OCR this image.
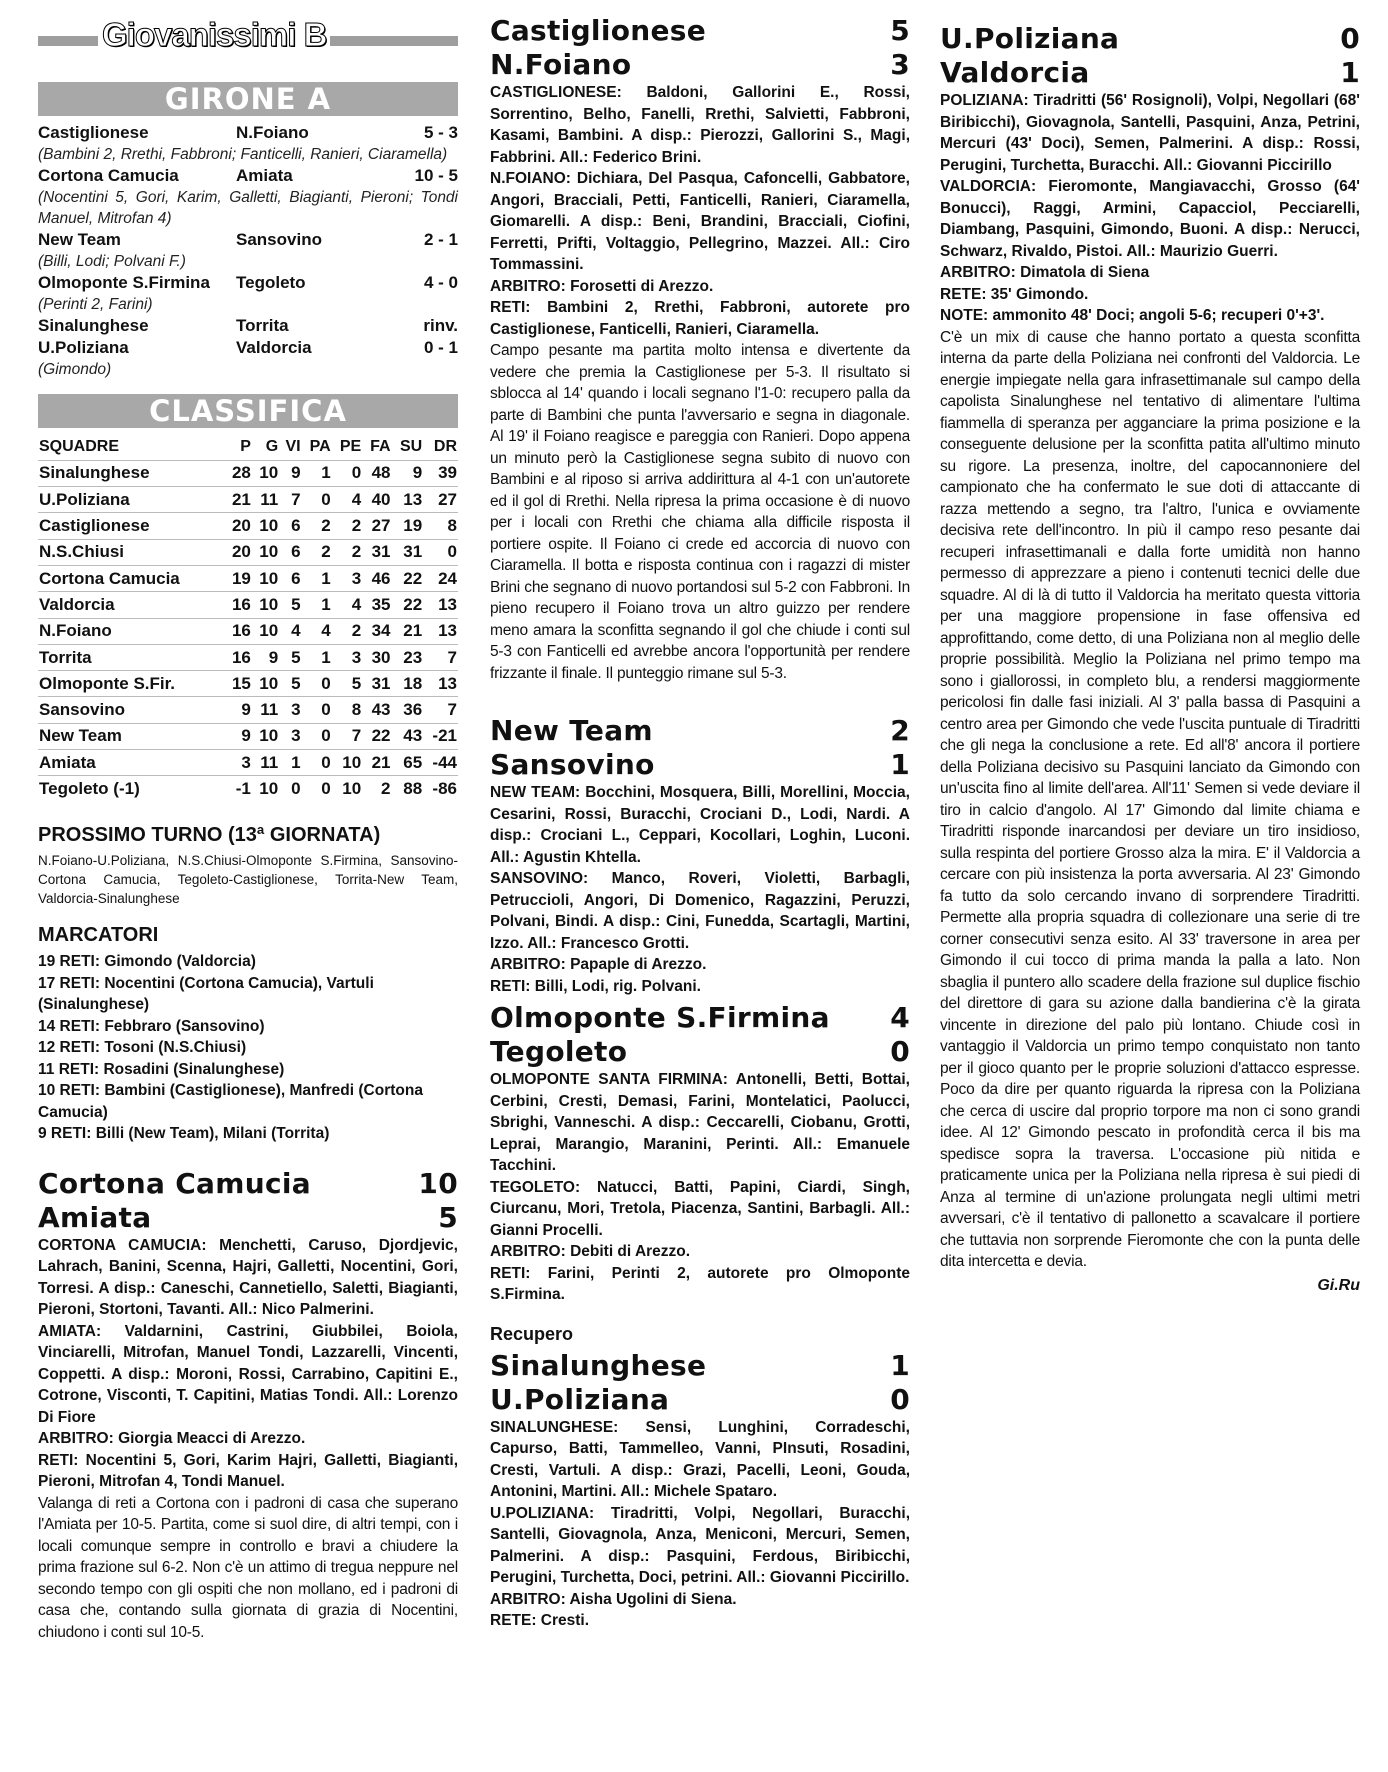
Giovanissimi B
GIRONE A
Castiglionese	N.Foiano	5 - 3
(Bambini 2, Rrethi, Fabbroni; Fanticelli, Ranieri, Ciaramella)
Cortona Camucia	Amiata	10 - 5
(Nocentini 5, Gori, Karim, Galletti, Biagianti, Pieroni; Tondi Manuel, Mitrofan 4)
New Team	Sansovino	2 - 1
(Billi, Lodi; Polvani F.)
Olmoponte S.Firmina	Tegoleto	4 - 0
(Perinti 2, Farini)
Sinalunghese	Torrita	rinv.
U.Poliziana	Valdorcia	0 - 1
(Gimondo)
CLASSIFICA
SQUADRE	P	G	VI	PA	PE	FA	SU	DR
Sinalunghese	28	10	9	1	0	48	9	39
U.Poliziana	21	11	7	0	4	40	13	27
Castiglionese	20	10	6	2	2	27	19	8
N.S.Chiusi	20	10	6	2	2	31	31	0
Cortona Camucia	19	10	6	1	3	46	22	24
Valdorcia	16	10	5	1	4	35	22	13
N.Foiano	16	10	4	4	2	34	21	13
Torrita	16	9	5	1	3	30	23	7
Olmoponte S.Fir.	15	10	5	0	5	31	18	13
Sansovino	9	11	3	0	8	43	36	7
New Team	9	10	3	0	7	22	43	-21
Amiata	3	11	1	0	10	21	65	-44
Tegoleto (-1)	-1	10	0	0	10	2	88	-86
PROSSIMO TURNO (13ª GIORNATA)
N.Foiano-U.Poliziana, N.S.Chiusi-Olmoponte S.Firmina, Sansovino-Cortona Camucia, Tegoleto-Castiglionese, Torrita-New Team, Valdorcia-Sinalunghese
MARCATORI
19 RETI: Gimondo (Valdorcia)
17 RETI: Nocentini (Cortona Camucia), Vartuli (Sinalunghese)
14 RETI: Febbraro (Sansovino)
12 RETI: Tosoni (N.S.Chiusi)
11 RETI: Rosadini (Sinalunghese)
10 RETI: Bambini (Castiglionese), Manfredi (Cortona Camucia)
9 RETI: Billi (New Team), Milani (Torrita)
Cortona Camucia	10
Amiata	5
CORTONA CAMUCIA: Menchetti, Caruso, Djordjevic, Lahrach, Banini, Scenna, Hajri, Galletti, Nocentini, Gori, Torresi. A disp.: Caneschi, Cannetiello, Saletti, Biagianti, Pieroni, Stortoni, Tavanti. All.: Nico Palmerini.
AMIATA: Valdarnini, Castrini, Giubbilei, Boiola, Vinciarelli, Mitrofan, Manuel Tondi, Lazzarelli, Vincenti, Coppetti. A disp.: Moroni, Rossi, Carrabino, Capitini E., Cotrone, Visconti, T. Capitini, Matias Tondi. All.: Lorenzo Di Fiore
ARBITRO: Giorgia Meacci di Arezzo.
RETI: Nocentini 5, Gori, Karim Hajri, Galletti, Biagianti, Pieroni, Mitrofan 4, Tondi Manuel.
Valanga di reti a Cortona con i padroni di casa che superano l'Amiata per 10-5. Partita, come si suol dire, di altri tempi, con i locali comunque sempre in controllo e bravi a chiudere la prima frazione sul 6-2. Non c'è un attimo di tregua neppure nel secondo tempo con gli ospiti che non mollano, ed i padroni di casa che, contando sulla giornata di grazia di Nocentini, chiudono i conti sul 10-5.
Castiglionese	5
N.Foiano	3
CASTIGLIONESE: Baldoni, Gallorini E., Rossi, Sorrentino, Belho, Fanelli, Rrethi, Salvietti, Fabbroni, Kasami, Bambini. A disp.: Pierozzi, Gallorini S., Magi, Fabbrini. All.: Federico Brini.
N.FOIANO: Dichiara, Del Pasqua, Cafoncelli, Gabbatore, Angori, Bracciali, Petti, Fanticelli, Ranieri, Ciaramella, Giomarelli. A disp.: Beni, Brandini, Bracciali, Ciofini, Ferretti, Prifti, Voltaggio, Pellegrino, Mazzei. All.: Ciro Tommassini.
ARBITRO: Forosetti di Arezzo.
RETI: Bambini 2, Rrethi, Fabbroni, autorete pro Castiglionese, Fanticelli, Ranieri, Ciaramella.
Campo pesante ma partita molto intensa e divertente da vedere che premia la Castiglionese per 5-3. Il risultato si sblocca al 14' quando i locali segnano l'1-0: recupero palla da parte di Bambini che punta l'avversario e segna in diagonale. Al 19' il Foiano reagisce e pareggia con Ranieri. Dopo appena un minuto però la Castiglionese segna subito di nuovo con Bambini e al riposo si arriva addirittura al 4-1 con un'autorete ed il gol di Rrethi. Nella ripresa la prima occasione è di nuovo per i locali con Rrethi che chiama alla difficile risposta il portiere ospite. Il Foiano ci crede ed accorcia di nuovo con Ciaramella. Il botta e risposta continua con i ragazzi di mister Brini che segnano di nuovo portandosi sul 5-2 con Fabbroni. In pieno recupero il Foiano trova un altro guizzo per rendere meno amara la sconfitta segnando il gol che chiude i conti sul 5-3 con Fanticelli ed avrebbe ancora l'opportunità per rendere frizzante il finale. Il punteggio rimane sul 5-3.
New Team	2
Sansovino	1
NEW TEAM: Bocchini, Mosquera, Billi, Morellini, Moccia, Cesarini, Rossi, Buracchi, Crociani D., Lodi, Nardi. A disp.: Crociani L., Ceppari, Kocollari, Loghin, Luconi. All.: Agustin Khtella.
SANSOVINO: Manco, Roveri, Violetti, Barbagli, Petruccioli, Angori, Di Domenico, Ragazzini, Peruzzi, Polvani, Bindi. A disp.: Cini, Funedda, Scartagli, Martini, Izzo. All.: Francesco Grotti.
ARBITRO: Papaple di Arezzo.
RETI: Billi, Lodi, rig. Polvani.
Olmoponte S.Firmina	4
Tegoleto	0
OLMOPONTE SANTA FIRMINA: Antonelli, Betti, Bottai, Cerbini, Cresti, Demasi, Farini, Montelatici, Paolucci, Sbrighi, Vanneschi. A disp.: Ceccarelli, Ciobanu, Grotti, Leprai, Marangio, Maranini, Perinti. All.: Emanuele Tacchini.
TEGOLETO: Natucci, Batti, Papini, Ciardi, Singh, Ciurcanu, Mori, Tretola, Piacenza, Santini, Barbagli. All.: Gianni Procelli.
ARBITRO: Debiti di Arezzo.
RETI: Farini, Perinti 2, autorete pro Olmoponte S.Firmina.
Recupero
Sinalunghese	1
U.Poliziana	0
SINALUNGHESE: Sensi, Lunghini, Corradeschi, Capurso, Batti, Tammelleo, Vanni, PInsuti, Rosadini, Cresti, Vartuli. A disp.: Grazi, Pacelli, Leoni, Gouda, Antonini, Martini. All.: Michele Spataro.
U.POLIZIANA: Tiradritti, Volpi, Negollari, Buracchi, Santelli, Giovagnola, Anza, Meniconi, Mercuri, Semen, Palmerini. A disp.: Pasquini, Ferdous, Biribicchi, Perugini, Turchetta, Doci, petrini. All.: Giovanni Piccirillo.
ARBITRO: Aisha Ugolini di Siena.
RETE: Cresti.
U.Poliziana	0
Valdorcia	1
POLIZIANA: Tiradritti (56' Rosignoli), Volpi, Negollari (68' Biribicchi), Giovagnola, Santelli, Pasquini, Anza, Petrini, Mercuri (43' Doci), Semen, Palmerini. A disp.: Rossi, Perugini, Turchetta, Buracchi. All.: Giovanni Piccirillo
VALDORCIA: Fieromonte, Mangiavacchi, Grosso (64' Bonucci), Raggi, Armini, Capacciol, Pecciarelli, Diambang, Pasquini, Gimondo, Buoni. A disp.: Nerucci, Schwarz, Rivaldo, Pistoi. All.: Maurizio Guerri.
ARBITRO: Dimatola di Siena
RETE: 35' Gimondo.
NOTE: ammonito 48' Doci; angoli 5-6; recuperi 0'+3'.
C'è un mix di cause che hanno portato a questa sconfitta interna da parte della Poliziana nei confronti del Valdorcia. Le energie impiegate nella gara infrasettimanale sul campo della capolista Sinalunghese nel tentativo di alimentare l'ultima fiammella di speranza per agganciare la prima posizione e la conseguente delusione per la sconfitta patita all'ultimo minuto su rigore. La presenza, inoltre, del capocannoniere del campionato che ha confermato le sue doti di attaccante di razza mettendo a segno, tra l'altro, l'unica e ovviamente decisiva rete dell'incontro. In più il campo reso pesante dai recuperi infrasettimanali e dalla forte umidità non hanno permesso di apprezzare a pieno i contenuti tecnici delle due squadre. Al di là di tutto il Valdorcia ha meritato questa vittoria per una maggiore propensione in fase offensiva ed approfittando, come detto, di una Poliziana non al meglio delle proprie possibilità. Meglio la Poliziana nel primo tempo ma sono i giallorossi, in completo blu, a rendersi maggiormente pericolosi fin dalle fasi iniziali. Al 3' palla bassa di Pasquini a centro area per Gimondo che vede l'uscita puntuale di Tiradritti che gli nega la conclusione a rete. Ed all'8' ancora il portiere della Poliziana decisivo su Pasquini lanciato da Gimondo con un'uscita fino al limite dell'area. All'11' Semen si vede deviare il tiro in calcio d'angolo. Al 17' Gimondo dal limite chiama e Tiradritti risponde inarcandosi per deviare un tiro insidioso, sulla respinta del portiere Grosso alza la mira. E' il Valdorcia a cercare con più insistenza la porta avversaria. Al 23' Gimondo fa tutto da solo cercando invano di sorprendere Tiradritti. Permette alla propria squadra di collezionare una serie di tre corner consecutivi senza esito. Al 33' traversone in area per Gimondo il cui tocco di prima manda la palla a lato. Non sbaglia il puntero allo scadere della frazione sul duplice fischio del direttore di gara su azione dalla bandierina c'è la girata vincente in direzione del palo più lontano. Chiude così in vantaggio il Valdorcia un primo tempo conquistato non tanto per il gioco quanto per le proprie soluzioni d'attacco espresse. Poco da dire per quanto riguarda la ripresa con la Poliziana che cerca di uscire dal proprio torpore ma non ci sono grandi idee. Al 12' Gimondo pescato in profondità cerca il bis ma spedisce sopra la traversa. L'occasione più nitida e praticamente unica per la Poliziana nella ripresa è sui piedi di Anza al termine di un'azione prolungata negli ultimi metri avversari, c'è il tentativo di pallonetto a scavalcare il portiere che tuttavia non sorprende Fieromonte che con la punta delle dita intercetta e devia.
Gi.Ru
